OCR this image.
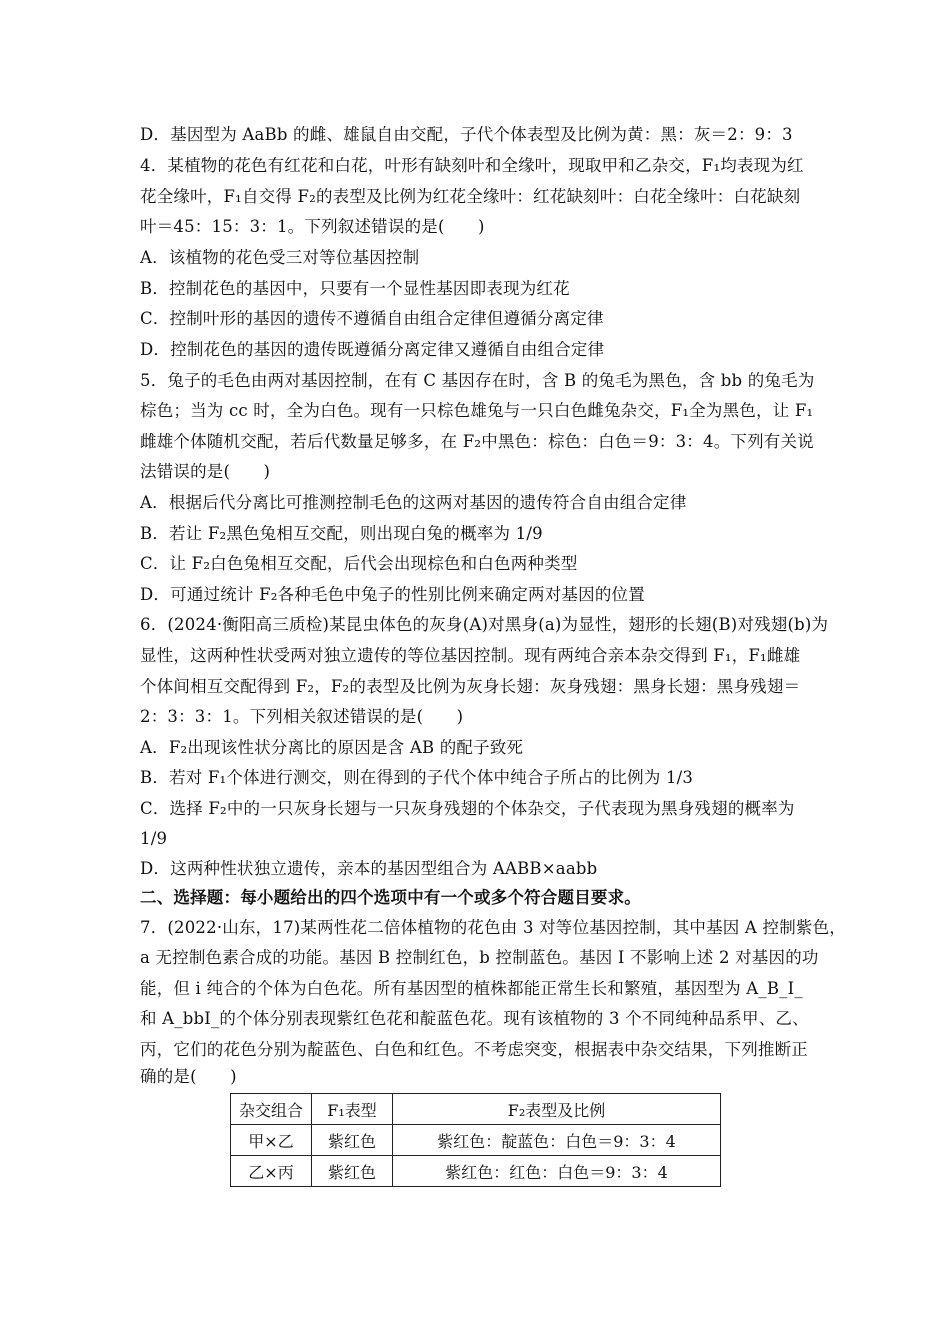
D．基因型为 AaBb 的雌、雄鼠自由交配，子代个体表型及比例为黄：黑：灰＝2：9：3
4．某植物的花色有红花和白花，叶形有缺刻叶和全缘叶，现取甲和乙杂交，F₁均表现为红
花全缘叶，F₁自交得 F₂的表型及比例为红花全缘叶：红花缺刻叶：白花全缘叶：白花缺刻
叶＝45：15：3：1。下列叙述错误的是(　　)
A．该植物的花色受三对等位基因控制
B．控制花色的基因中，只要有一个显性基因即表现为红花
C．控制叶形的基因的遗传不遵循自由组合定律但遵循分离定律
D．控制花色的基因的遗传既遵循分离定律又遵循自由组合定律
5．兔子的毛色由两对基因控制，在有 C 基因存在时，含 B 的兔毛为黑色，含 bb 的兔毛为
棕色；当为 cc 时，全为白色。现有一只棕色雄兔与一只白色雌兔杂交，F₁全为黑色，让 F₁
雌雄个体随机交配，若后代数量足够多，在 F₂中黑色：棕色：白色＝9：3：4。下列有关说
法错误的是(　　)
A．根据后代分离比可推测控制毛色的这两对基因的遗传符合自由组合定律
B．若让 F₂黑色兔相互交配，则出现白兔的概率为 1/9
C．让 F₂白色兔相互交配，后代会出现棕色和白色两种类型
D．可通过统计 F₂各种毛色中兔子的性别比例来确定两对基因的位置
6．(2024·衡阳高三质检)某昆虫体色的灰身(A)对黑身(a)为显性，翅形的长翅(B)对残翅(b)为
显性，这两种性状受两对独立遗传的等位基因控制。现有两纯合亲本杂交得到 F₁，F₁雌雄
个体间相互交配得到 F₂，F₂的表型及比例为灰身长翅：灰身残翅：黑身长翅：黑身残翅＝
2：3：3：1。下列相关叙述错误的是(　　)
A．F₂出现该性状分离比的原因是含 AB 的配子致死
B．若对 F₁个体进行测交，则在得到的子代个体中纯合子所占的比例为 1/3
C．选择 F₂中的一只灰身长翅与一只灰身残翅的个体杂交，子代表现为黑身残翅的概率为
1/9
D．这两种性状独立遗传，亲本的基因型组合为 AABB×aabb
二、选择题：每小题给出的四个选项中有一个或多个符合题目要求。
7．(2022·山东，17)某两性花二倍体植物的花色由 3 对等位基因控制，其中基因 A 控制紫色，
a 无控制色素合成的功能。基因 B 控制红色，b 控制蓝色。基因 I 不影响上述 2 对基因的功
能，但 i 纯合的个体为白色花。所有基因型的植株都能正常生长和繁殖，基因型为 A_B_I_
和 A_bbI_的个体分别表现紫红色花和靛蓝色花。现有该植物的 3 个不同纯种品系甲、乙、
丙，它们的花色分别为靛蓝色、白色和红色。不考虑突变，根据表中杂交结果，下列推断正
确的是(　　)
杂交组合	F₁表型	F₂表型及比例
甲×乙	紫红色	紫红色：靛蓝色：白色＝9：3：4
乙×丙	紫红色	紫红色：红色：白色＝9：3：4
